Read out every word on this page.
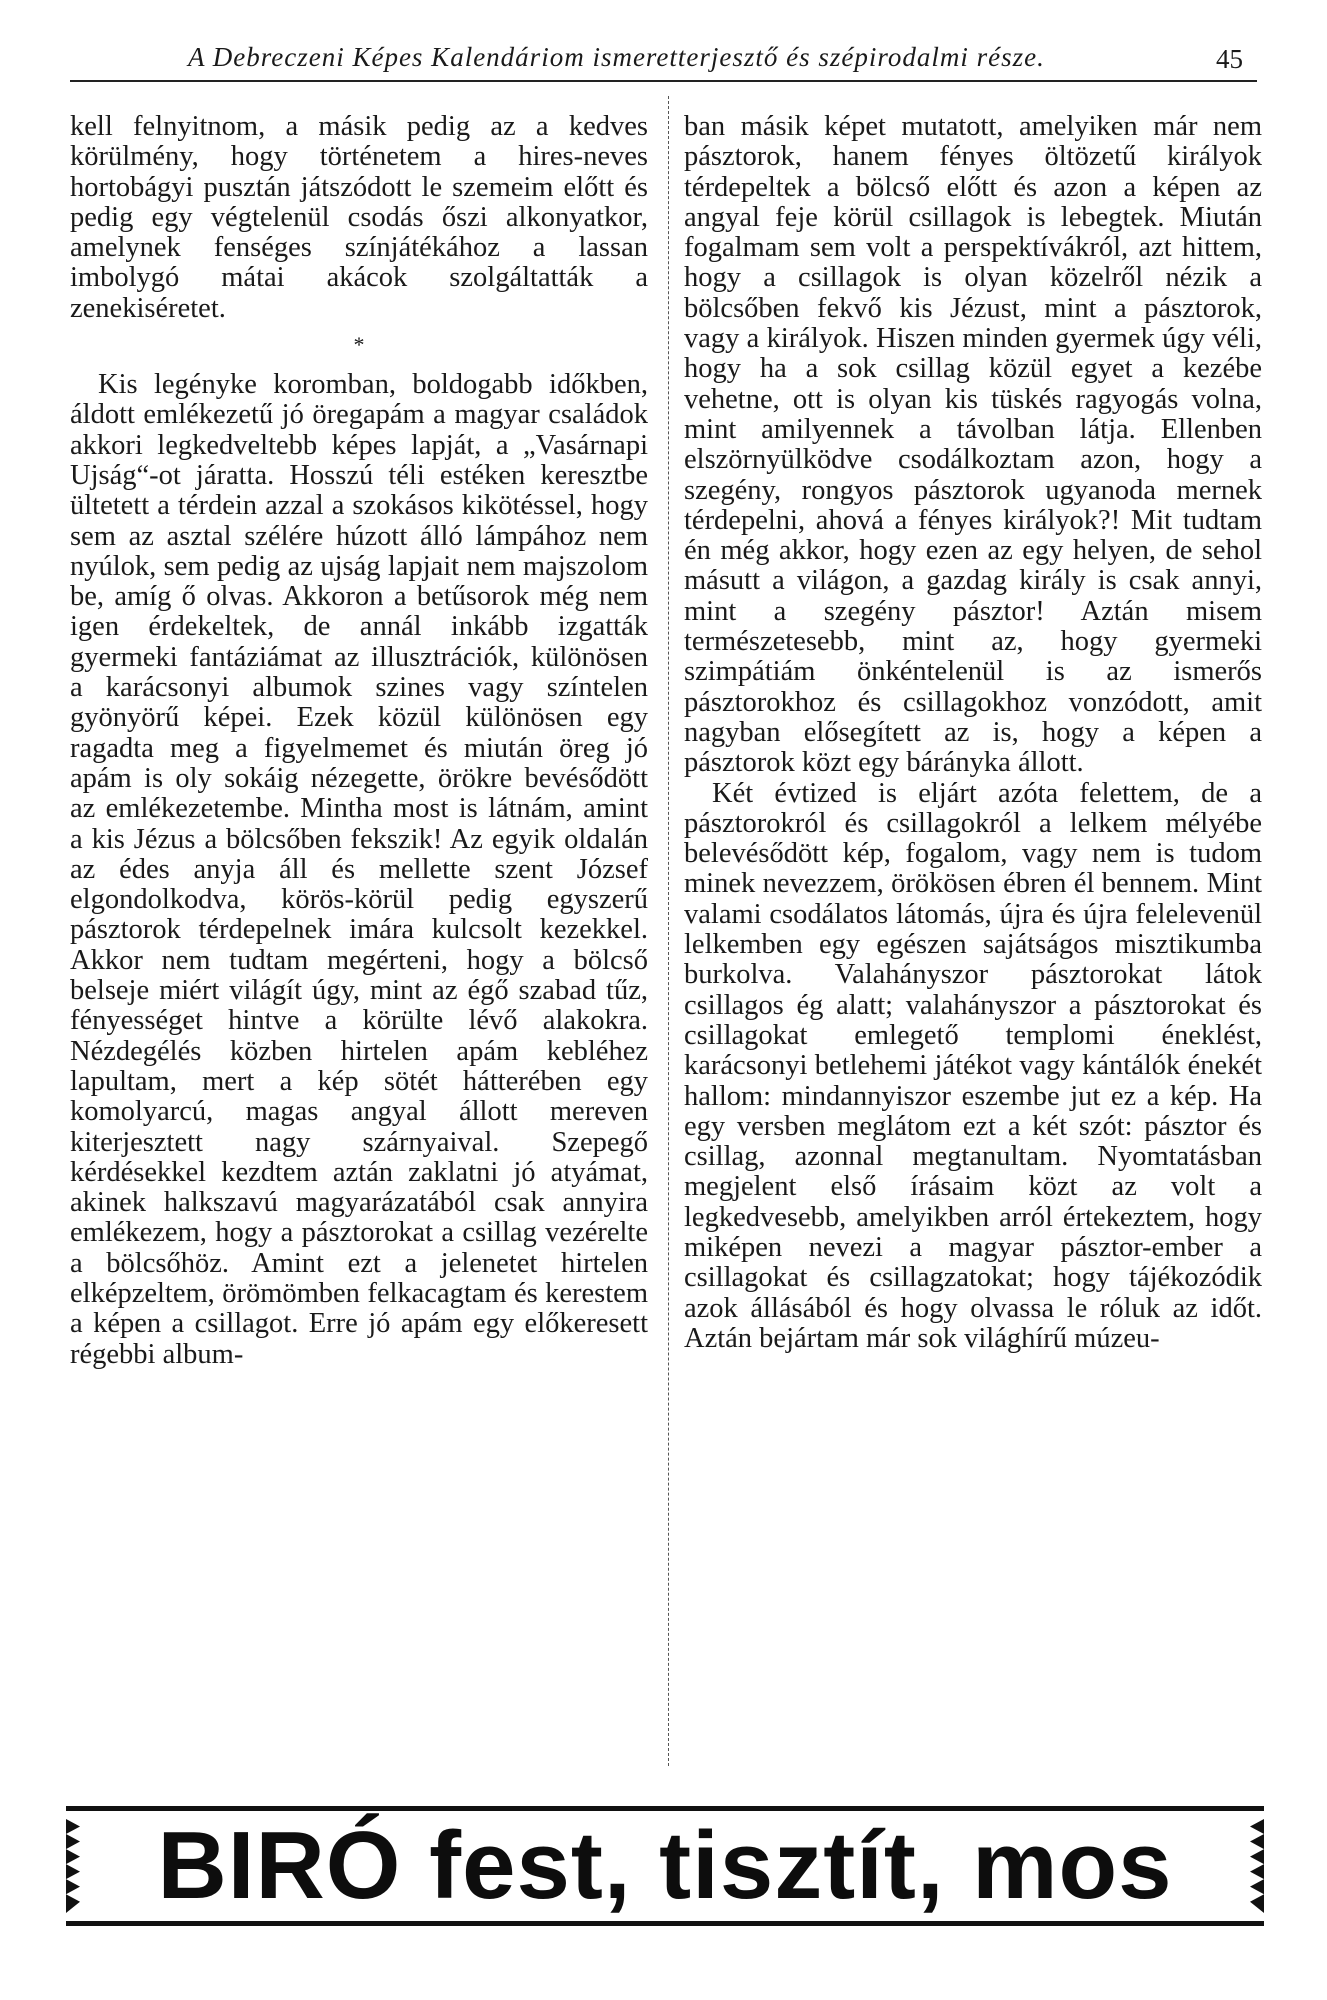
A Debreczeni Képes Kalendáriom ismeretterjesztő és szépirodalmi része.	45

kell felnyitnom, a másik pedig az a kedves körülmény, hogy történetem a hires-neves hortobágyi pusztán játszódott le szemeim előtt és pedig egy végtelenül csodás őszi alkonyatkor, amelynek fenséges színjátékához a lassan imbolygó mátai akácok szolgáltatták a zenekiséretet.

*

Kis legényke koromban, boldogabb időkben, áldott emlékezetű jó öregapám a magyar családok akkori legkedveltebb képes lapját, a „Vasárnapi Ujság“-ot járatta. Hosszú téli estéken keresztbe ültetett a térdein azzal a szokásos kikötéssel, hogy sem az asztal szélére húzott álló lámpához nem nyúlok, sem pedig az ujság lapjait nem majszolom be, amíg ő olvas. Akkoron a betűsorok még nem igen érdekeltek, de annál inkább izgatták gyermeki fantáziámat az illusztrációk, különösen a karácsonyi albumok szines vagy színtelen gyönyörű képei. Ezek közül különösen egy ragadta meg a figyelmemet és miután öreg jó apám is oly sokáig nézegette, örökre bevésődött az emlékezetembe. Mintha most is látnám, amint a kis Jézus a bölcsőben fekszik! Az egyik oldalán az édes anyja áll és mellette szent József elgondolkodva, körös-körül pedig egyszerű pásztorok térdepelnek imára kulcsolt kezekkel. Akkor nem tudtam megérteni, hogy a bölcső belseje miért világít úgy, mint az égő szabad tűz, fényességet hintve a körülte lévő alakokra. Nézdegélés közben hirtelen apám kebléhez lapultam, mert a kép sötét hátterében egy komolyarcú, magas angyal állott mereven kiterjesztett nagy szárnyaival. Szepegő kérdésekkel kezdtem aztán zaklatni jó atyámat, akinek halkszavú magyarázatából csak annyira emlékezem, hogy a pásztorokat a csillag vezérelte a bölcsőhöz. Amint ezt a jelenetet hirtelen elképzeltem, örömömben felkacagtam és kerestem a képen a csillagot. Erre jó apám egy előkeresett régebbi album-

ban másik képet mutatott, amelyiken már nem pásztorok, hanem fényes öltözetű királyok térdepeltek a bölcső előtt és azon a képen az angyal feje körül csillagok is lebegtek. Miután fogalmam sem volt a perspektívákról, azt hittem, hogy a csillagok is olyan közelről nézik a bölcsőben fekvő kis Jézust, mint a pásztorok, vagy a királyok. Hiszen minden gyermek úgy véli, hogy ha a sok csillag közül egyet a kezébe vehetne, ott is olyan kis tüskés ragyogás volna, mint amilyennek a távolban látja. Ellenben elszörnyülködve csodálkoztam azon, hogy a szegény, rongyos pásztorok ugyanoda mernek térdepelni, ahová a fényes királyok?! Mit tudtam én még akkor, hogy ezen az egy helyen, de sehol másutt a világon, a gazdag király is csak annyi, mint a szegény pásztor! Aztán misem természetesebb, mint az, hogy gyermeki szimpátiám önkéntelenül is az ismerős pásztorokhoz és csillagokhoz vonzódott, amit nagyban elősegített az is, hogy a képen a pásztorok közt egy báránykа állott.

Két évtized is eljárt azóta felettem, de a pásztorokról és csillagokról a lelkem mélyébe belevésődött kép, fogalom, vagy nem is tudom minek nevezzem, örökösen ébren él bennem. Mint valami csodálatos látomás, újra és újra felelevenül lelkemben egy egészen sajátságos misztikumba burkolva. Valahányszor pásztorokat látok csillagos ég alatt; valahányszor a pásztorokat és csillagokat emlegető templomi éneklést, karácsonyi betlehemi játékot vagy kántálók énekét hallom: mindannyiszor eszembe jut ez a kép. Ha egy versben meglátom ezt a két szót: pásztor és csillag, azonnal megtanultam. Nyomtatásban megjelent első írásaim közt az volt a legkedvesebb, amelyikben arról értekeztem, hogy miképen nevezi a magyar pásztor-ember a csillagokat és csillagzatokat; hogy tájékozódik azok állásából és hogy olvassa le róluk az időt. Aztán bejártam már sok világhírű múzeu-

BIRÓ fest, tisztít, mos
